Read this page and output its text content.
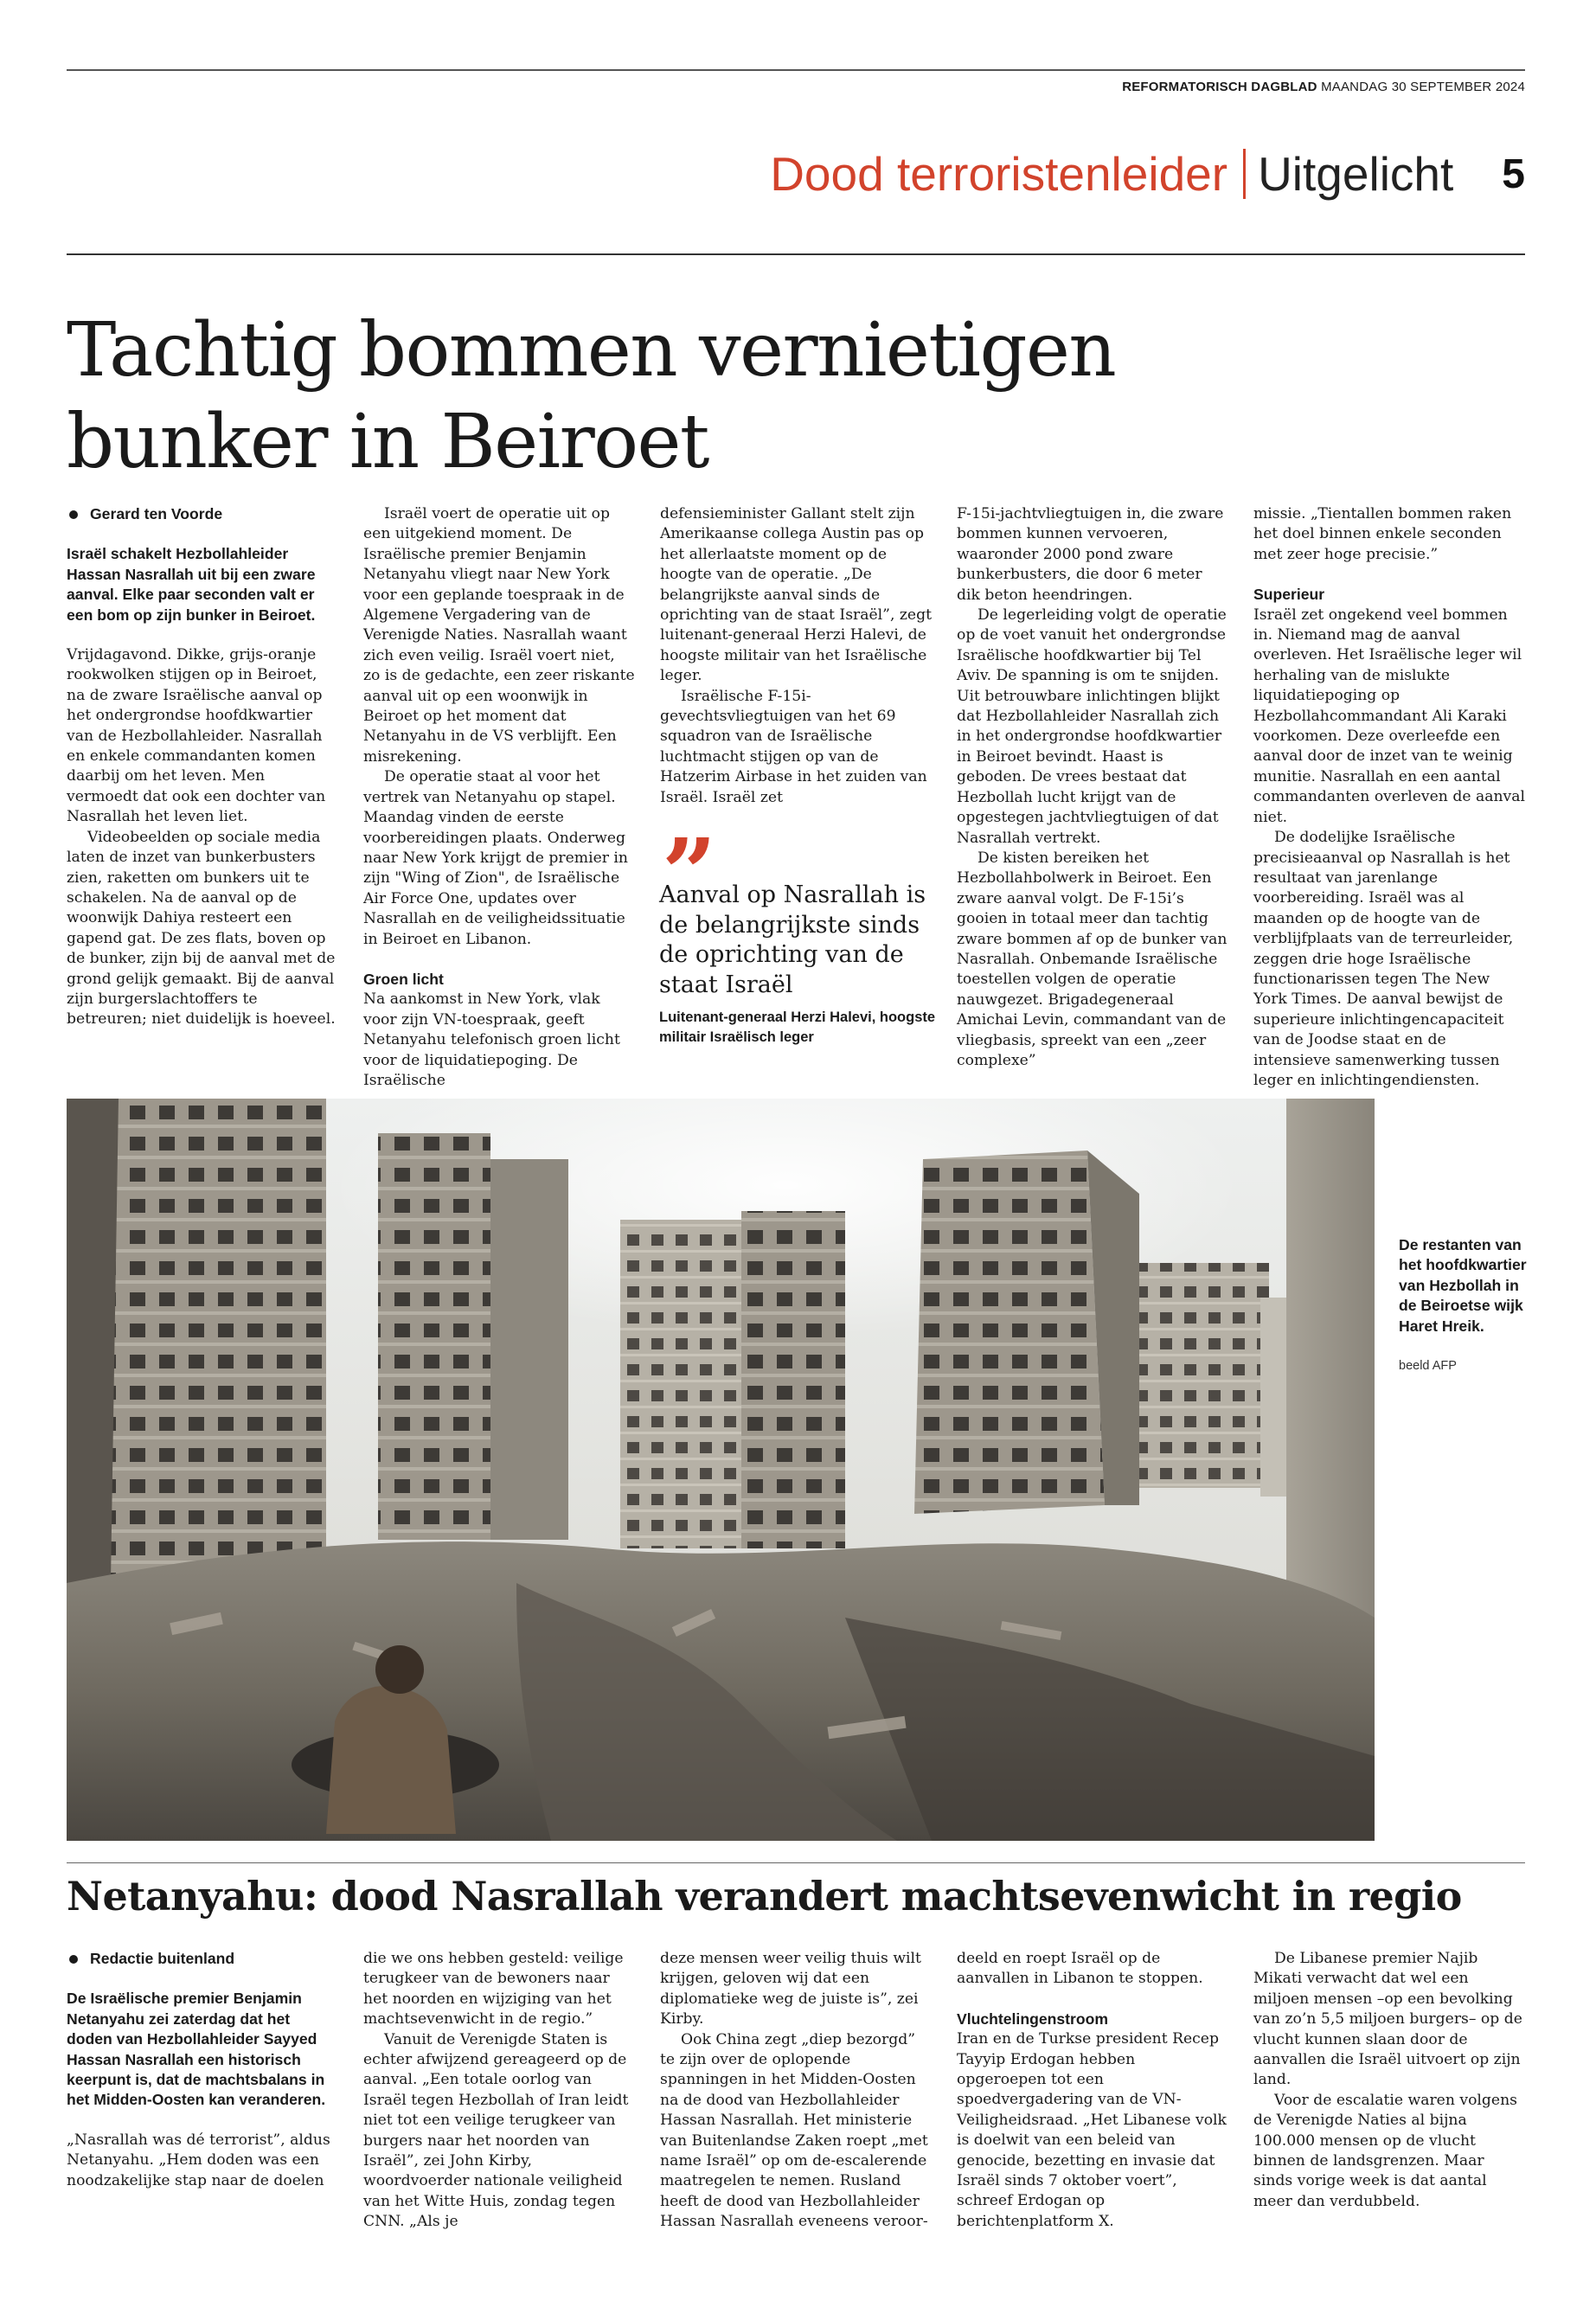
REFORMATORISCH DAGBLAD MAANDAG 30 SEPTEMBER 2024
Dood terroristenleider Uitgelicht 5
Tachtig bommen vernietigen
bunker in Beiroet
Gerard ten Voorde

Israël schakelt Hezbollahleider Hassan Nasrallah uit bij een zware aanval. Elke paar seconden valt er een bom op zijn bunker in Beiroet.

Vrijdagavond. Dikke, grijs-oranje rookwolken stijgen op in Beiroet, na de zware Israëlische aanval op het ondergrondse hoofdkwartier van de Hezbollahleider. Nasrallah en enkele commandanten komen daarbij om het leven. Men vermoedt dat ook een dochter van Nasrallah het leven liet.

Videobeelden op sociale media laten de inzet van bunkerbusters zien, raketten om bunkers uit te schakelen. Na de aanval op de woonwijk Dahiya resteert een gapend gat. De zes flats, boven op de bunker, zijn bij de aanval met de grond gelijk gemaakt. Bij de aanval zijn burgerslachtoffers te betreuren; niet duidelijk is hoeveel.

Israël voert de operatie uit op een uitgekiend moment. De Israëlische premier Benjamin Netanyahu vliegt naar New York voor een geplande toespraak in de Algemene Vergadering van de Verenigde Naties. Nasrallah waant zich even veilig. Israël voert niet, zo is de gedachte, een zeer riskante aanval uit op een woonwijk in Beiroet op het moment dat Netanyahu in de VS verblijft. Een misrekening.

De operatie staat al voor het vertrek van Netanyahu op stapel. Maandag vinden de eerste voorbereidingen plaats. Onderweg naar New York krijgt de premier in zijn "Wing of Zion", de Israëlische Air Force One, updates over Nasrallah en de veiligheidssituatie in Beiroet en Libanon.

Groen licht

Na aankomst in New York, vlak voor zijn VN-toespraak, geeft Netanyahu telefonisch groen licht voor de liquidatiepoging. De Israëlische

defensieminister Gallant stelt zijn Amerikaanse collega Austin pas op het allerlaatste moment op de hoogte van de operatie. „De belangrijkste aanval sinds de oprichting van de staat Israël”, zegt luitenant-generaal Herzi Halevi, de hoogste militair van het Israëlische leger.

Israëlische F-15i-gevechtsvliegtuigen van het 69 squadron van de Israëlische luchtmacht stijgen op van de Hatzerim Airbase in het zuiden van Israël. Israël zet

”
Aanval op Nasrallah is de belangrijkste sinds de oprichting van de staat Israël
Luitenant-generaal Herzi Halevi, hoogste militair Israëlisch leger

F-15i-jachtvliegtuigen in, die zware bommen kunnen vervoeren, waaronder 2000 pond zware bunkerbusters, die door 6 meter dik beton heendringen.

De legerleiding volgt de operatie op de voet vanuit het ondergrondse Israëlische hoofdkwartier bij Tel Aviv. De spanning is om te snijden. Uit betrouwbare inlichtingen blijkt dat Hezbollahleider Nasrallah zich in het ondergrondse hoofdkwartier in Beiroet bevindt. Haast is geboden. De vrees bestaat dat Hezbollah lucht krijgt van de opgestegen jachtvliegtuigen of dat Nasrallah vertrekt.

De kisten bereiken het Hezbollahbolwerk in Beiroet. Een zware aanval volgt. De F-15i’s gooien in totaal meer dan tachtig zware bommen af op de bunker van Nasrallah. Onbemande Israëlische toestellen volgen de operatie nauwgezet. Brigadegeneraal Amichai Levin, commandant van de vliegbasis, spreekt van een „zeer complexe”

missie. „Tientallen bommen raken het doel binnen enkele seconden met zeer hoge precisie.”

Superieur

Israël zet ongekend veel bommen in. Niemand mag de aanval overleven. Het Israëlische leger wil herhaling van de mislukte liquidatiepoging op Hezbollahcommandant Ali Karaki voorkomen. Deze overleefde een aanval door de inzet van te weinig munitie. Nasrallah en een aantal commandanten overleven de aanval niet.

De dodelijke Israëlische precisieaanval op Nasrallah is het resultaat van jarenlange voorbereiding. Israël was al maanden op de hoogte van de verblijfplaats van de terreurleider, zeggen drie hoge Israëlische functionarissen tegen The New York Times. De aanval bewijst de superieure inlichtingencapaciteit van de Joodse staat en de intensieve samenwerking tussen leger en inlichtingendiensten.

De restanten van het hoofdkwartier van Hezbollah in de Beiroetse wijk Haret Hreik.
beeld AFP
Netanyahu: dood Nasrallah verandert machtsevenwicht in regio
Redactie buitenland

De Israëlische premier Benjamin Netanyahu zei zaterdag dat het doden van Hezbollahleider Sayyed Hassan Nasrallah een historisch keerpunt is, dat de machtsbalans in het Midden-Oosten kan veranderen.

„Nasrallah was dé terrorist”, aldus Netanyahu. „Hem doden was een noodzakelijke stap naar de doelen

die we ons hebben gesteld: veilige terugkeer van de bewoners naar het noorden en wijziging van het machtsevenwicht in de regio.”

Vanuit de Verenigde Staten is echter afwijzend gereageerd op de aanval. „Een totale oorlog van Israël tegen Hezbollah of Iran leidt niet tot een veilige terugkeer van burgers naar het noorden van Israël”, zei John Kirby, woordvoerder nationale veiligheid van het Witte Huis, zondag tegen CNN. „Als je

deze mensen weer veilig thuis wilt krijgen, geloven wij dat een diplomatieke weg de juiste is”, zei Kirby.

Ook China zegt „diep bezorgd” te zijn over de oplopende spanningen in het Midden-Oosten na de dood van Hezbollahleider Hassan Nasrallah. Het ministerie van Buitenlandse Zaken roept „met name Israël” op om de-escalerende maatregelen te nemen. Rusland heeft de dood van Hezbollahleider Hassan Nasrallah eveneens veroor-

deeld en roept Israël op de aanvallen in Libanon te stoppen.

Vluchtelingenstroom

Iran en de Turkse president Recep Tayyip Erdogan hebben opgeroepen tot een spoedvergadering van de VN-Veiligheidsraad. „Het Libanese volk is doelwit van een beleid van genocide, bezetting en invasie dat Israël sinds 7 oktober voert”, schreef Erdogan op berichtenplatform X.

De Libanese premier Najib Mikati verwacht dat wel een miljoen mensen –op een bevolking van zo’n 5,5 miljoen burgers– op de vlucht kunnen slaan door de aanvallen die Israël uitvoert op zijn land.

Voor de escalatie waren volgens de Verenigde Naties al bijna 100.000 mensen op de vlucht binnen de landsgrenzen. Maar sinds vorige week is dat aantal meer dan verdubbeld.
